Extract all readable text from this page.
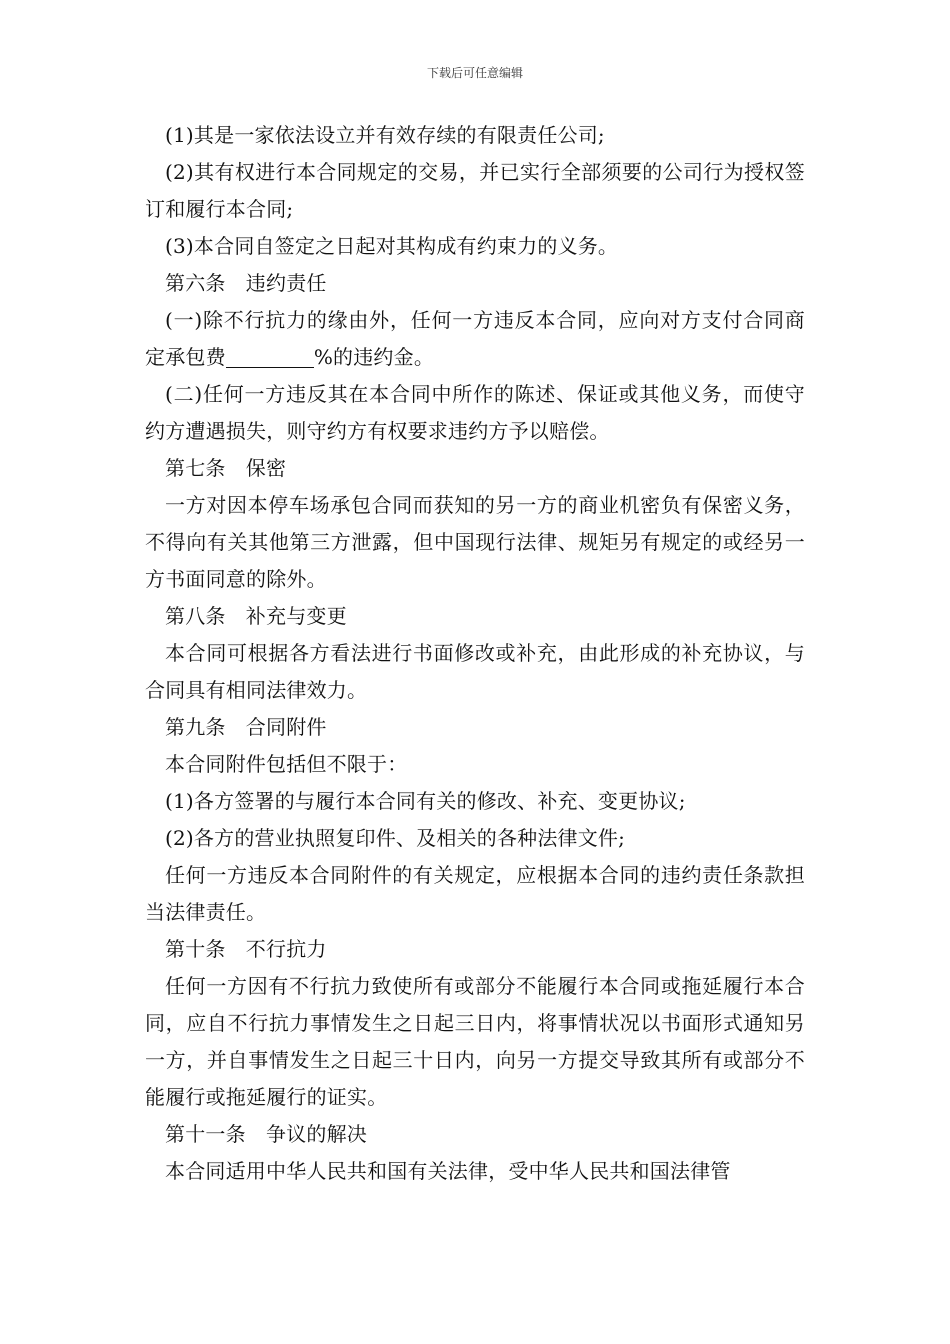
下载后可任意编辑

(1)其是一家依法设立并有效存续的有限责任公司;

(2)其有权进行本合同规定的交易，并已实行全部须要的公司行为授权签订和履行本合同;

(3)本合同自签定之日起对其构成有约束力的义务。

第六条　违约责任

(一)除不行抗力的缘由外，任何一方违反本合同，应向对方支付合同商定承包费	%的违约金。

(二)任何一方违反其在本合同中所作的陈述、保证或其他义务，而使守约方遭遇损失，则守约方有权要求违约方予以赔偿。

第七条　保密

一方对因本停车场承包合同而获知的另一方的商业机密负有保密义务，不得向有关其他第三方泄露，但中国现行法律、规矩另有规定的或经另一方书面同意的除外。

第八条　补充与变更

本合同可根据各方看法进行书面修改或补充，由此形成的补充协议，与合同具有相同法律效力。

第九条　合同附件

本合同附件包括但不限于：

(1)各方签署的与履行本合同有关的修改、补充、变更协议;

(2)各方的营业执照复印件、及相关的各种法律文件;

任何一方违反本合同附件的有关规定，应根据本合同的违约责任条款担当法律责任。

第十条　不行抗力

任何一方因有不行抗力致使所有或部分不能履行本合同或拖延履行本合同，应自不行抗力事情发生之日起三日内，将事情状况以书面形式通知另一方，并自事情发生之日起三十日内，向另一方提交导致其所有或部分不能履行或拖延履行的证实。

第十一条　争议的解决

本合同适用中华人民共和国有关法律，受中华人民共和国法律管
